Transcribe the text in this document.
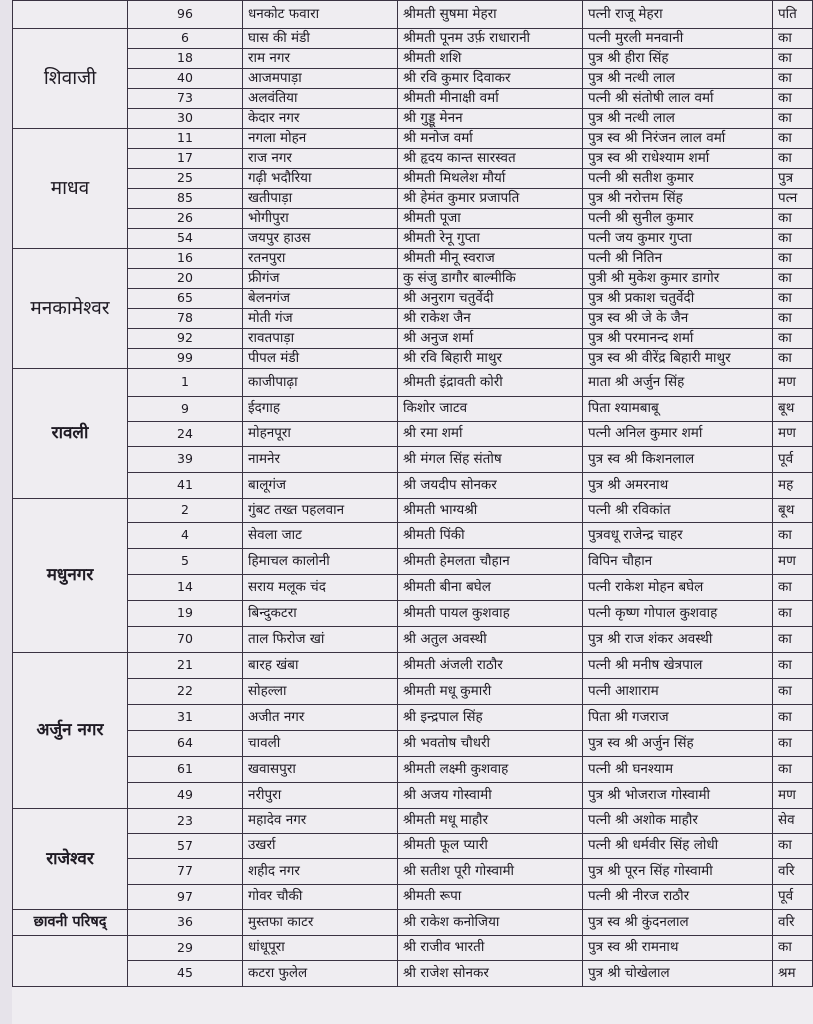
	96	धनकोट फवारा	श्रीमती सुषमा मेहरा	पत्नी राजू मेहरा	पति
शिवाजी	6	घास की मंडी	श्रीमती पूनम उर्फ़ राधारानी	पत्नी मुरली मनवानी	का
	18	राम नगर	श्रीमती शशि	पुत्र श्री हीरा सिंह	का
	40	आजमपाड़ा	श्री रवि कुमार दिवाकर	पुत्र श्री नत्थी लाल	का
	73	अलवंतिया	श्रीमती मीनाक्षी वर्मा	पत्नी श्री संतोषी लाल वर्मा	का
	30	केदार नगर	श्री गुड्डू मेनन	पुत्र श्री नत्थी लाल	का
माधव	11	नगला मोहन	श्री मनोज वर्मा	पुत्र स्व श्री निरंजन लाल वर्मा	का
	17	राज नगर	श्री हृदय कान्त सारस्वत	पुत्र स्व श्री राधेश्याम शर्मा	का
	25	गढ़ी भदौरिया	श्रीमती मिथलेश मौर्या	पत्नी श्री सतीश कुमार	पुत्र
	85	खतीपाड़ा	श्री हेमंत कुमार प्रजापति	पुत्र श्री नरोत्तम सिंह	पत्न
	26	भोगीपुरा	श्रीमती पूजा	पत्नी श्री सुनील कुमार	का
	54	जयपुर हाउस	श्रीमती रेनू गुप्ता	पत्नी जय कुमार गुप्ता	का
मनकामेश्वर	16	रतनपुरा	श्रीमती मीनू स्वराज	पत्नी श्री नितिन	का
	20	फ्रीगंज	कु संजु डागौर बाल्मीकि	पुत्री श्री मुकेश कुमार डागोर	का
	65	बेलनगंज	श्री अनुराग चतुर्वेदी	पुत्र श्री प्रकाश चतुर्वेदी	का
	78	मोती गंज	श्री राकेश जैन	पुत्र स्व श्री जे के जैन	का
	92	रावतपाड़ा	श्री अनुज शर्मा	पुत्र श्री परमानन्द शर्मा	का
	99	पीपल मंडी	श्री रवि बिहारी माथुर	पुत्र स्व श्री वीरेंद्र बिहारी माथुर	का
रावली	1	काजीपाढ़ा	श्रीमती इंद्रावती कोरी	माता श्री अर्जुन सिंह	मण
	9	ईदगाह	किशोर जाटव	पिता श्यामबाबू	बूथ
	24	मोहनपूरा	श्री रमा शर्मा	पत्नी अनिल कुमार शर्मा	मण
	39	नामनेर	श्री मंगल सिंह संतोष	पुत्र स्व श्री किशनलाल	पूर्व
	41	बालूगंज	श्री जयदीप सोनकर	पुत्र श्री अमरनाथ	मह
मधुनगर	2	गुंबट तख्त पहलवान	श्रीमती भाग्यश्री	पत्नी श्री रविकांत	बूथ
	4	सेवला जाट	श्रीमती पिंकी	पुत्रवधू राजेन्द्र चाहर	का
	5	हिमाचल कालोनी	श्रीमती हेमलता चौहान	विपिन चौहान	मण
	14	सराय मलूक चंद	श्रीमती बीना बघेल	पत्नी राकेश मोहन बघेल	का
	19	बिन्दुकटरा	श्रीमती पायल कुशवाह	पत्नी कृष्ण गोपाल कुशवाह	का
	70	ताल फिरोज खां	श्री अतुल अवस्थी	पुत्र श्री राज शंकर अवस्थी	का
अर्जुन नगर	21	बारह खंबा	श्रीमती अंजली राठौर	पत्नी श्री मनीष खेत्रपाल	का
	22	सोहल्ला	श्रीमती मधू कुमारी	पत्नी आशाराम	का
	31	अजीत नगर	श्री इन्द्रपाल सिंह	पिता श्री गजराज	का
	64	चावली	श्री भवतोष चौधरी	पुत्र स्व श्री अर्जुन सिंह	का
	61	खवासपुरा	श्रीमती लक्ष्मी कुशवाह	पत्नी श्री घनश्याम	का
	49	नरीपुरा	श्री अजय गोस्वामी	पुत्र श्री भोजराज गोस्वामी	मण
राजेश्वर	23	महादेव नगर	श्रीमती मधू माहौर	पत्नी श्री अशोक माहौर	सेव
	57	उखर्रा	श्रीमती फूल प्यारी	पत्नी श्री धर्मवीर सिंह लोधी	का
	77	शहीद नगर	श्री सतीश पूरी गोस्वामी	पुत्र श्री पूरन सिंह गोस्वामी	वरि
	97	गोवर चौकी	श्रीमती रूपा	पत्नी श्री नीरज राठौर	पूर्व
छावनी परिषद्	36	मुस्तफा काटर	श्री राकेश कनोजिया	पुत्र स्व श्री कुंदनलाल	वरि
	29	धांधूपूरा	श्री राजीव भारती	पुत्र स्व श्री रामनाथ	का
	45	कटरा फुलेल	श्री राजेश सोनकर	पुत्र श्री चोखेलाल	श्रम
